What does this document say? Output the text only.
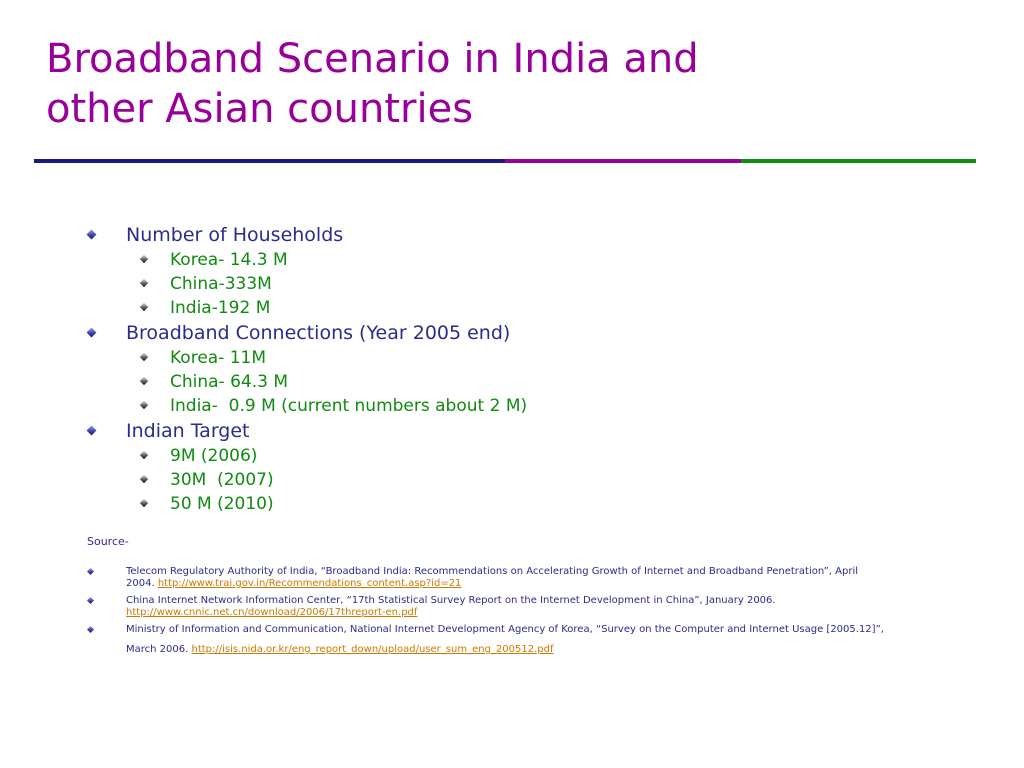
Broadband Scenario in India and
other Asian countries

Number of Households

Korea- 14.3 M

China-333M

India-192 M

Broadband Connections (Year 2005 end)

Korea- 11M

China- 64.3 M

India-  0.9 M (current numbers about 2 M)

Indian Target

9M (2006)

30M  (2007)

50 M (2010)

Source-

Telecom Regulatory Authority of India, “Broadband India: Recommendations on Accelerating Growth of Internet and Broadband Penetration”, April
2004. http://www.trai.gov.in/Recommendations_content.asp?id=21

China Internet Network Information Center, “17th Statistical Survey Report on the Internet Development in China”, January 2006.
http://www.cnnic.net.cn/download/2006/17threport-en.pdf

Ministry of Information and Communication, National Internet Development Agency of Korea, “Survey on the Computer and Internet Usage [2005.12]”,
March 2006. http://isis.nida.or.kr/eng_report_down/upload/user_sum_eng_200512.pdf
